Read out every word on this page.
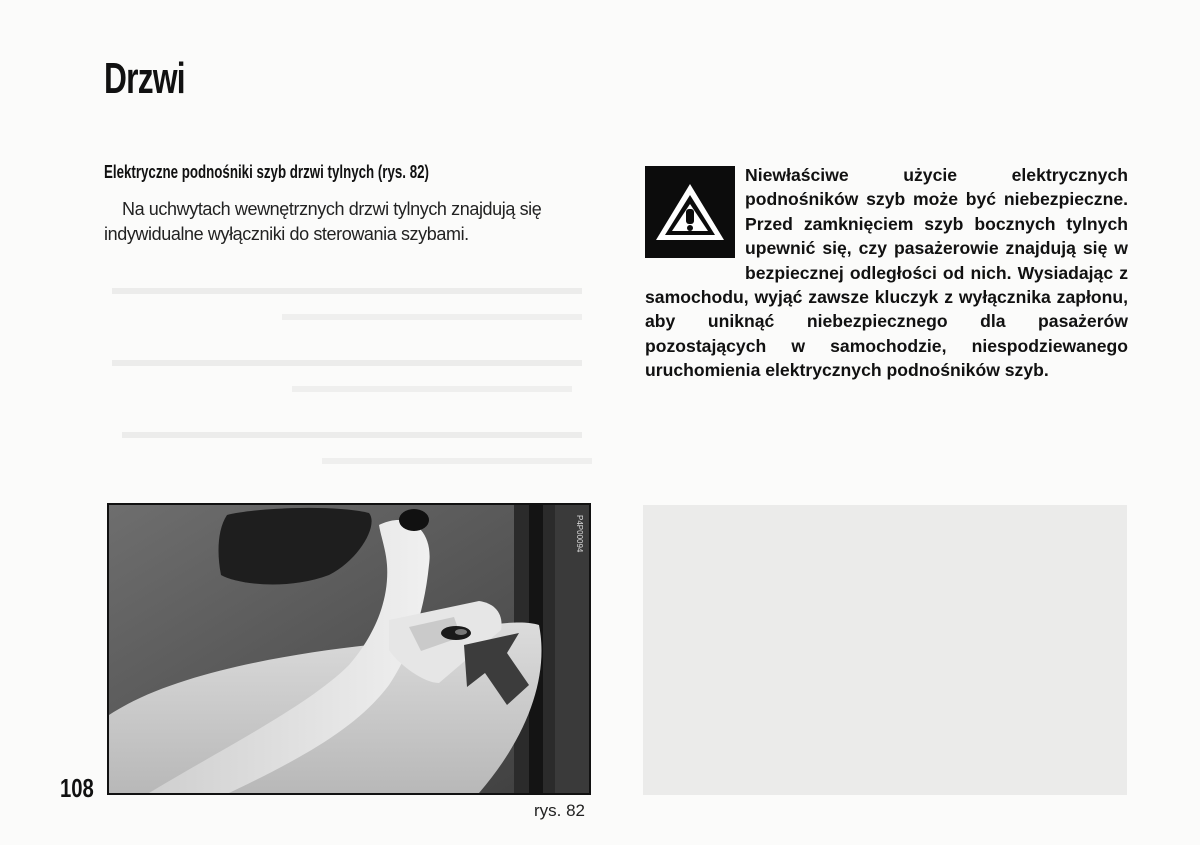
Drzwi
Elektryczne podnośniki szyb drzwi tylnych (rys. 82)

Na uchwytach wewnętrznych drzwi tylnych znajdują się indywidualne wyłączniki do sterowania szybami.

Niewłaściwe użycie elektrycznych podnośników szyb może być niebezpieczne. Przed zamknięciem szyb bocznych tylnych upewnić się, czy pasażerowie znajdują się w bezpiecznej odległości od nich. Wysiadając z samochodu, wyjąć zawsze kluczyk z wyłącznika zapłonu, aby uniknąć niebezpiecznego dla pasażerów pozostających w samochodzie, niespodziewanego uruchomienia elektrycznych podnośników szyb.

P4P00094
108
rys. 82
